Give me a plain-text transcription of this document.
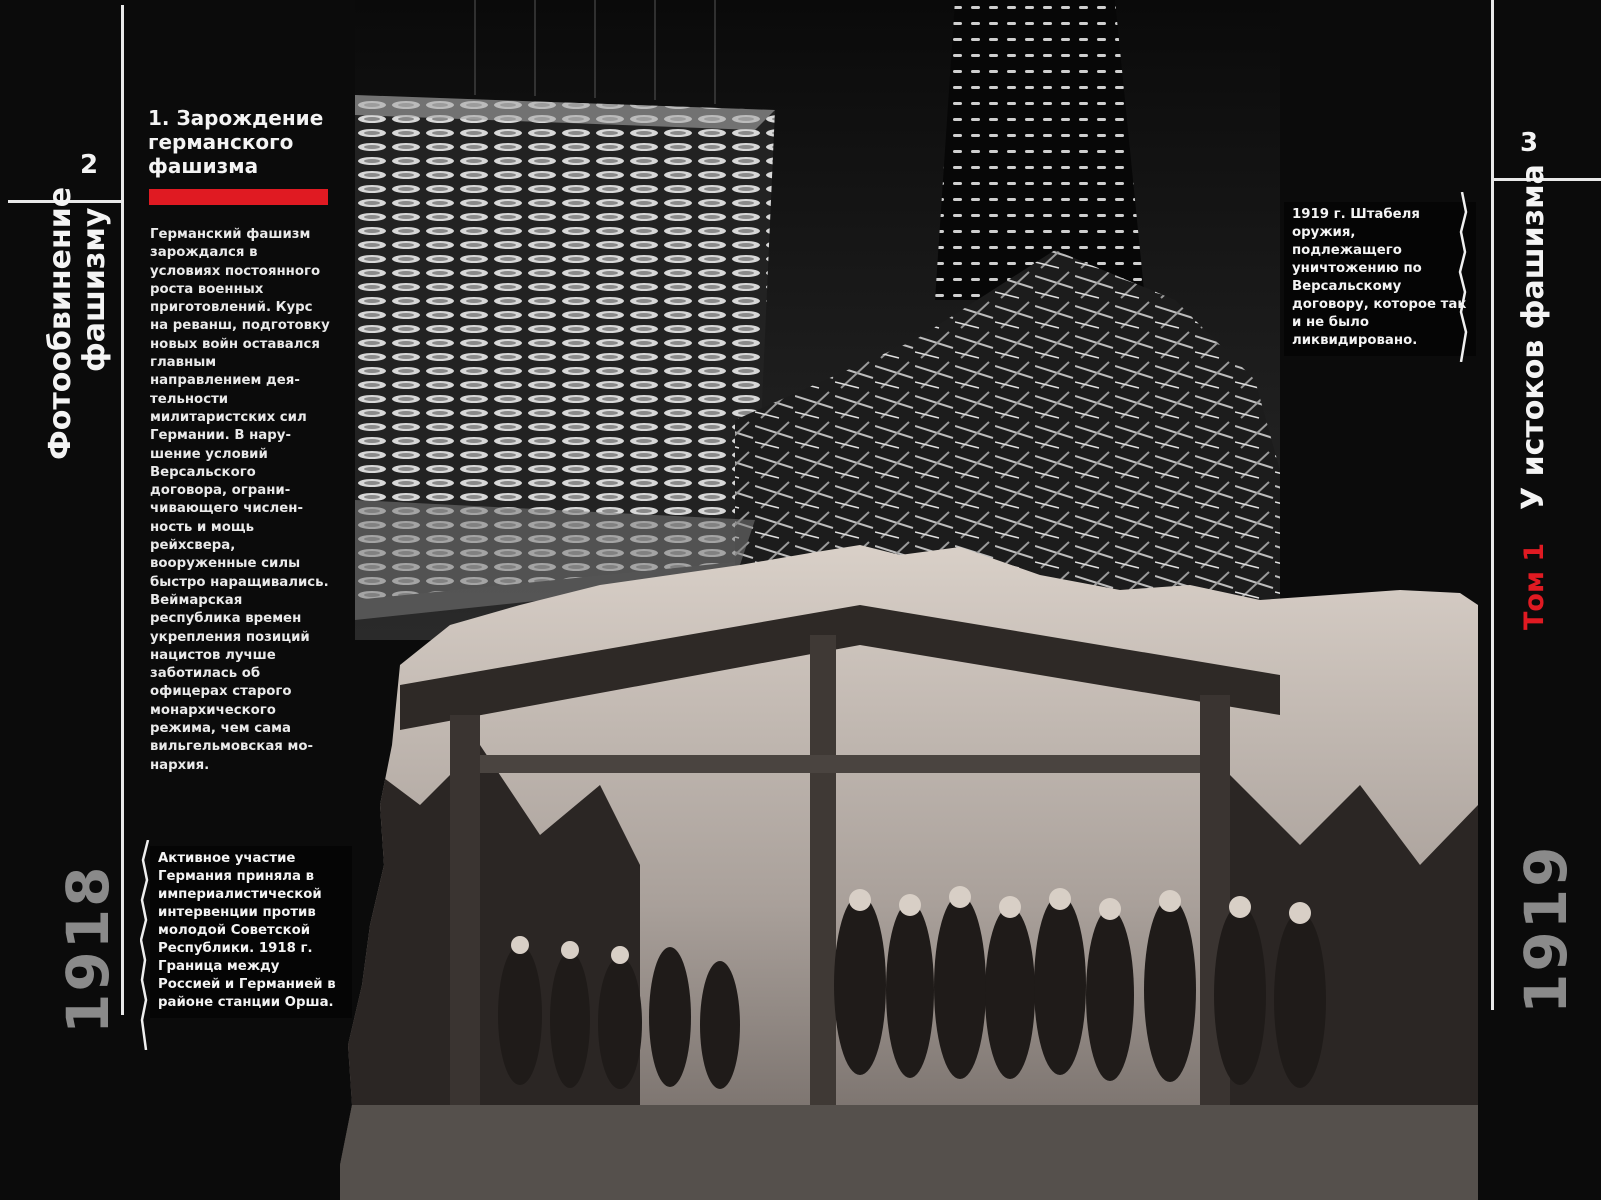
2
Фотообвинение фашизму
1918
1. Зарождение германского фашизма

Германский фашизм зарождался в условиях постоянного роста военных приготовлений. Курс на реванш, подготовку новых войн оставался главным направлением деятельности милитаристских сил Германии. В нарушение условий Версальского договора, ограничивающего численность и мощь рейхсвера, вооруженные силы быстро наращивались. Веймарская республика времен укрепления позиций нацистов лучше заботилась об офицерах старого монархического режима, чем сама вильгельмовская монархия.

Активное участие Германия приняла в империалистической интервенции против молодой Советской Республики. 1918 г. Граница между Россией и Германией в районе станции Орша.
1919 г. Штабеля оружия, подлежащего уничтожению по Версальскому договору, которое так и не было ликвидировано.
3
У истоков фашизма
Том 1
1919
